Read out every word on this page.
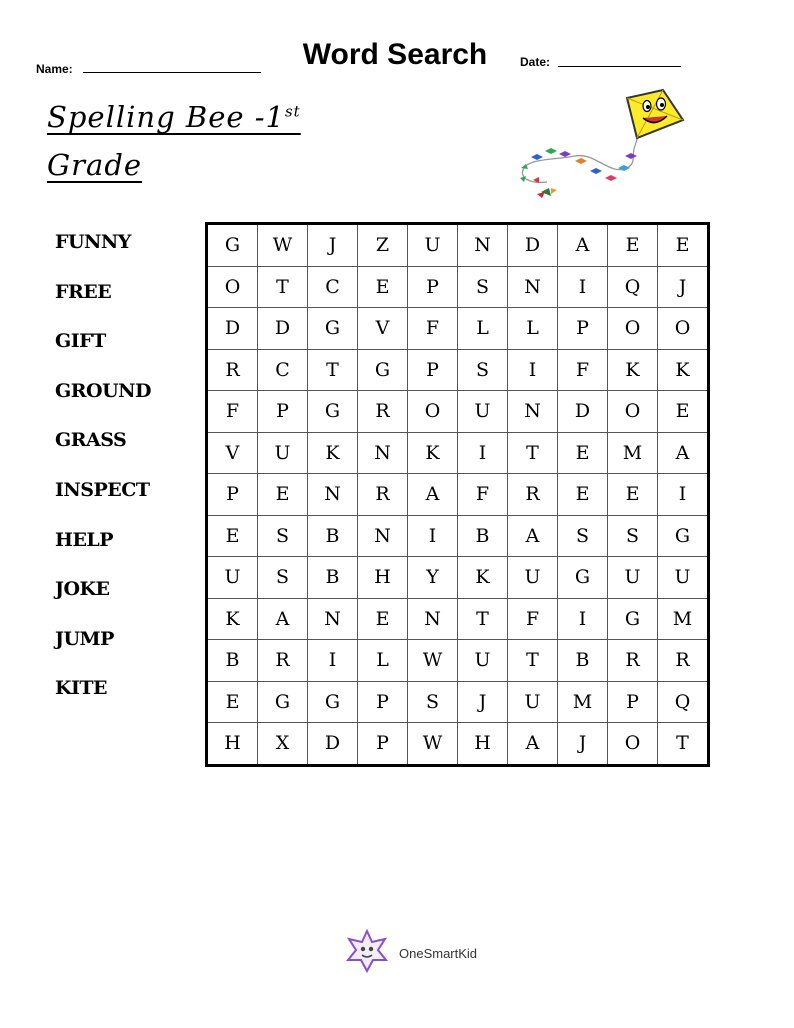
Name:	Word Search	Date:
Spelling Bee -1st
Grade
FUNNY
FREE
GIFT
GROUND
GRASS
INSPECT
HELP
JOKE
JUMP
KITE
G	W	J	Z	U	N	D	A	E	E
O	T	C	E	P	S	N	I	Q	J
D	D	G	V	F	L	L	P	O	O
R	C	T	G	P	S	I	F	K	K
F	P	G	R	O	U	N	D	O	E
V	U	K	N	K	I	T	E	M	A
P	E	N	R	A	F	R	E	E	I
E	S	B	N	I	B	A	S	S	G
U	S	B	H	Y	K	U	G	U	U
K	A	N	E	N	T	F	I	G	M
B	R	I	L	W	U	T	B	R	R
E	G	G	P	S	J	U	M	P	Q
H	X	D	P	W	H	A	J	O	T
OneSmartKid
